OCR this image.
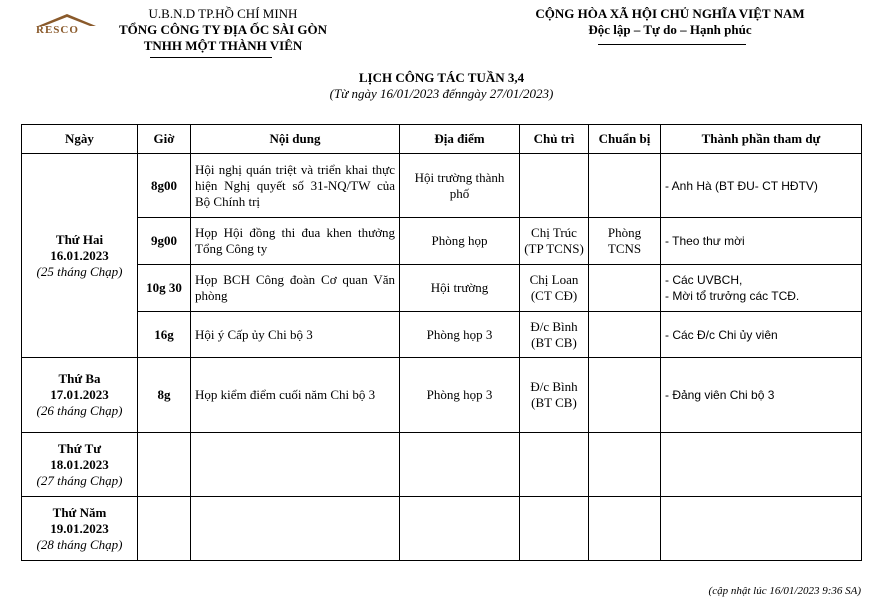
RESCO
U.B.N.D TP.HỒ CHÍ MINH
TỔNG CÔNG TY ĐỊA ỐC SÀI GÒN
TNHH MỘT THÀNH VIÊN
CỘNG HÒA XÃ HỘI CHỦ NGHĨA VIỆT NAM
Độc lập – Tự do – Hạnh phúc
LỊCH CÔNG TÁC TUẦN 3,4
(Từ ngày 16/01/2023 đếnngày 27/01/2023)
Ngày	Giờ	Nội dung	Địa điểm	Chủ trì	Chuẩn bị	Thành phần tham dự

Thứ Hai
16.01.2023
(25 tháng Chạp)	8g00	Hội nghị quán triệt và triển khai thực hiện Nghị quyết số 31-NQ/TW của Bộ Chính trị	Hội trường thành phố			- Anh Hà (BT ĐU- CT HĐTV)

	9g00	Họp Hội đồng thi đua khen thưởng Tổng Công ty	Phòng họp	Chị Trúc (TP TCNS)	Phòng TCNS	- Theo thư mời

	10g 30	Họp BCH Công đoàn Cơ quan Văn phòng	Hội trường	Chị Loan (CT CĐ)		- Các UVBCH,
- Mời tổ trưởng các TCĐ.

	16g	Hội ý Cấp ủy Chi bộ 3	Phòng họp 3	Đ/c Bình (BT CB)		- Các Đ/c Chi ủy viên

Thứ Ba
17.01.2023
(26 tháng Chạp)	8g	Họp kiểm điểm cuối năm Chi bộ 3	Phòng họp 3	Đ/c Bình (BT CB)		- Đảng viên Chi bộ 3

Thứ Tư
18.01.2023
(27 tháng Chạp)						

Thứ Năm
19.01.2023
(28 tháng Chạp)						

(cập nhật lúc 16/01/2023 9:36 SA)
